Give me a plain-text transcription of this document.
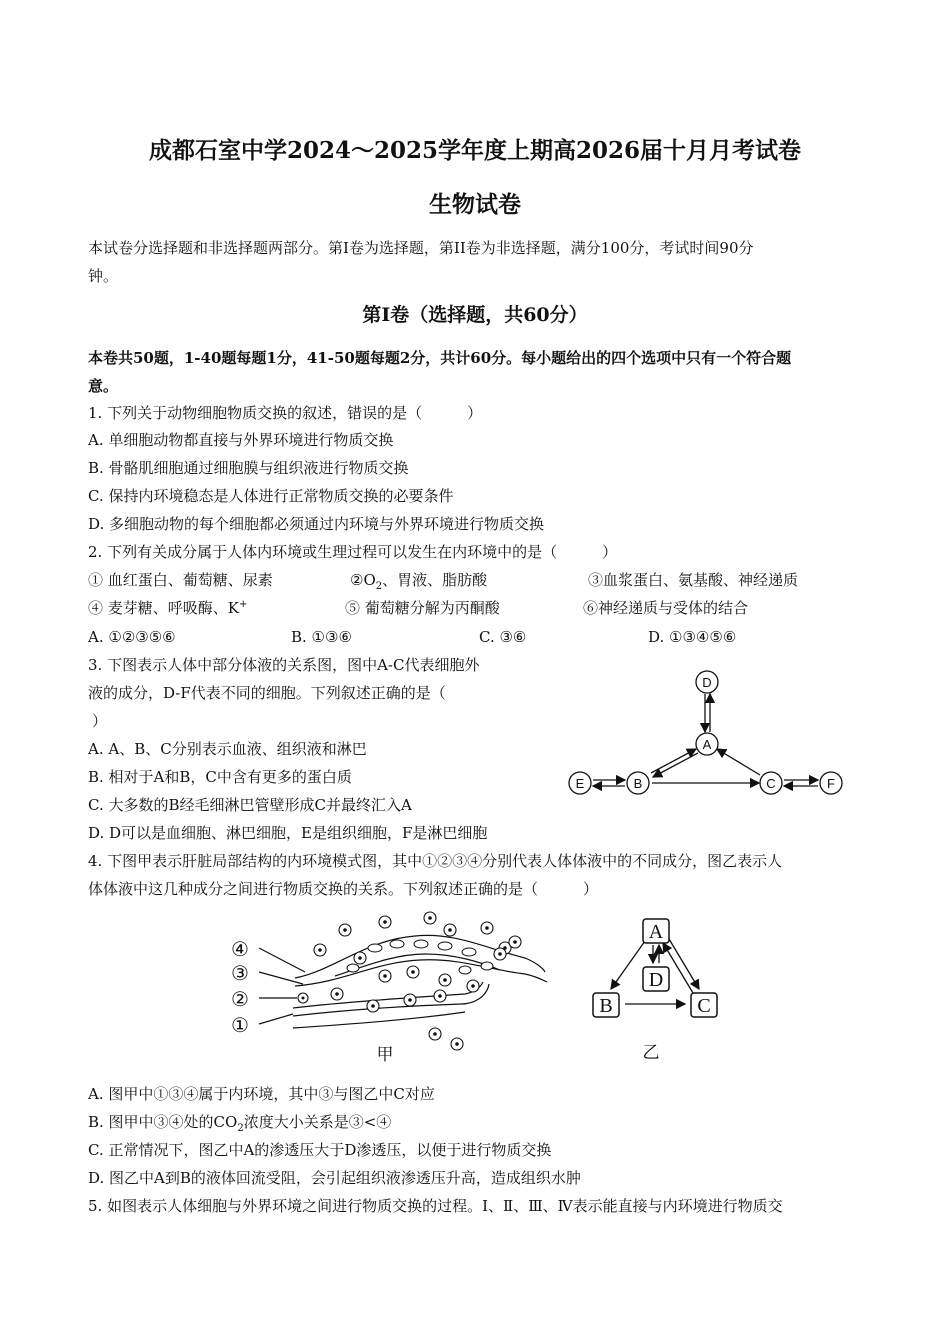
成都石室中学2024～2025学年度上期高2026届十月月考试卷
生物试卷
本试卷分选择题和非选择题两部分。第Ⅰ卷为选择题，第ⅠⅠ卷为非选择题，满分100分，考试时间90分
钟。
第Ⅰ卷（选择题，共60分）
本卷共50题，1-40题每题1分，41-50题每题2分，共计60分。每小题给出的四个选项中只有一个符合题
意。
1. 下列关于动物细胞物质交换的叙述，错误的是（　　　）
A. 单细胞动物都直接与外界环境进行物质交换
B. 骨骼肌细胞通过细胞膜与组织液进行物质交换
C. 保持内环境稳态是人体进行正常物质交换的必要条件
D. 多细胞动物的每个细胞都必须通过内环境与外界环境进行物质交换
2. 下列有关成分属于人体内环境或生理过程可以发生在内环境中的是（　　　）
① 血红蛋白、葡萄糖、尿素	$②O_2$、胃液、脂肪酸	③血浆蛋白、氨基酸、神经递质
④ 麦芽糖、呼吸酶、K+	⑤ 葡萄糖分解为丙酮酸	⑥神经递质与受体的结合
A. ①②③⑤⑥	B. ①③⑥	C. ③⑥	D. ①③④⑤⑥
3. 下图表示人体中部分体液的关系图，图中A-C代表细胞外
液的成分，D-F代表不同的细胞。下列叙述正确的是（
）
A. A、B、C分别表示血液、组织液和淋巴
B. 相对于A和B，C中含有更多的蛋白质
C. 大多数的B经毛细淋巴管壁形成C并最终汇入A
D. D可以是血细胞、淋巴细胞，E是组织细胞，F是淋巴细胞
D
A
E	B	C	F
4. 下图甲表示肝脏局部结构的内环境模式图，其中①②③④分别代表人体体液中的不同成分，图乙表示人
体体液中这几种成分之间进行物质交换的关系。下列叙述正确的是（　　　）
④
③
②
①
甲
A
D
B	C
乙
A. 图甲中①③④属于内环境，其中③与图乙中C对应
B. 图甲中③④处的$CO_2$浓度大小关系是③<④
C. 正常情况下，图乙中A的渗透压大于D渗透压，以便于进行物质交换
D. 图乙中A到B的液体回流受阻，会引起组织液渗透压升高，造成组织水肿
5. 如图表示人体细胞与外界环境之间进行物质交换的过程。Ⅰ、Ⅱ、Ⅲ、Ⅳ表示能直接与内环境进行物质交
